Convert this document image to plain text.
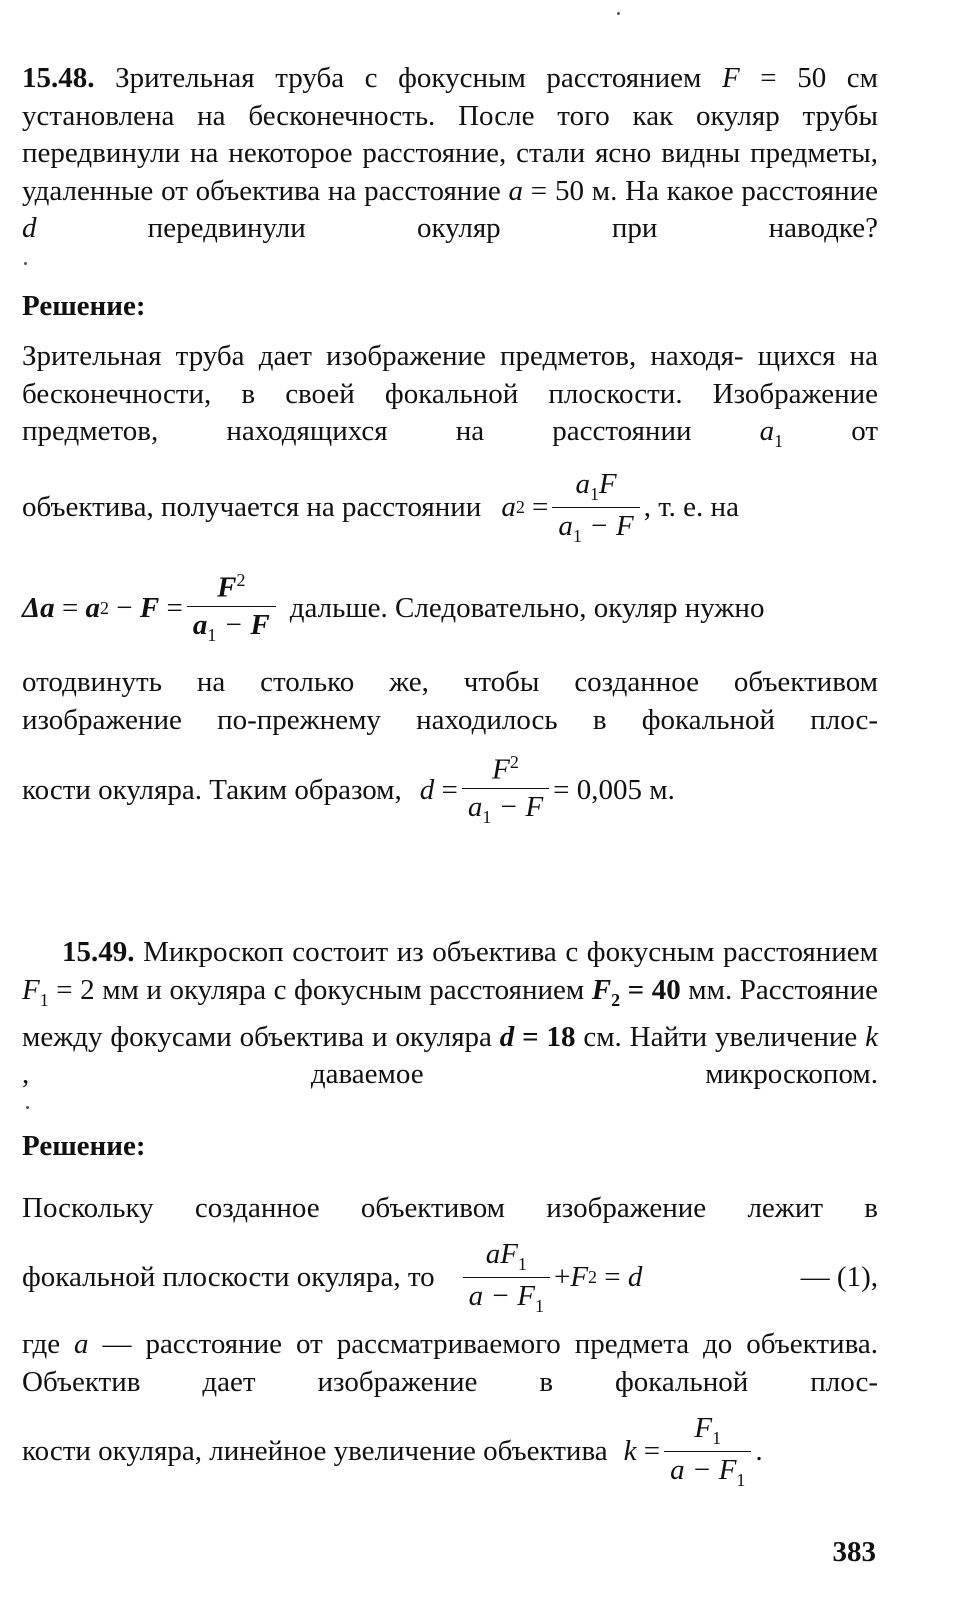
15.48. Зрительная труба с фокусным расстоянием F = 50 см установлена на бесконечность. После того как окуляр трубы передвинули на некоторое расстояние, стали ясно видны предметы, удаленные от объектива на расстояние a = 50 м. На какое расстояние d передвинули окуляр при наводке?
Решение:
Зрительная труба дает изображение предметов, находя- щихся на бесконечности, в своей фокальной плоскости. Изображение предметов, находящихся на расстоянии $a_1$ от
объектива, получается на расстоянии a $2 = \frac{a_1F}{a_1 - F}$ , т. е. на
Δa = a $2 - F = \frac{F^2}{a_1 - F}$ дальше. Следовательно, окуляр нужно
отодвинуть на столько же, чтобы созданное объективом изображение по-прежнему находилось в фокальной плос-
кости окуляра. Таким образом, $d = \frac{F^2}{a_1 - F} = 0,005$ м.
15.49. Микроскоп состоит из объектива с фокусным расстоянием $F_1 = 2$ мм и окуляра с фокусным расстоянием $F_2 = 40$ мм. Расстояние между фокусами объектива и окуляра d = 18 см. Найти увеличение k , даваемое микроскопом.
Решение:
Поскольку созданное объективом изображение лежит в
фокальной плоскости окуляра, то $\frac{aF_1}{a - F_1} + F$ 2 = d	— (1),
где a — расстояние от рассматриваемого предмета до объектива. Объектив дает изображение в фокальной плос-
кости окуляра, линейное увеличение объектива $k = \frac{F_1}{a - F_1}$ .
383
